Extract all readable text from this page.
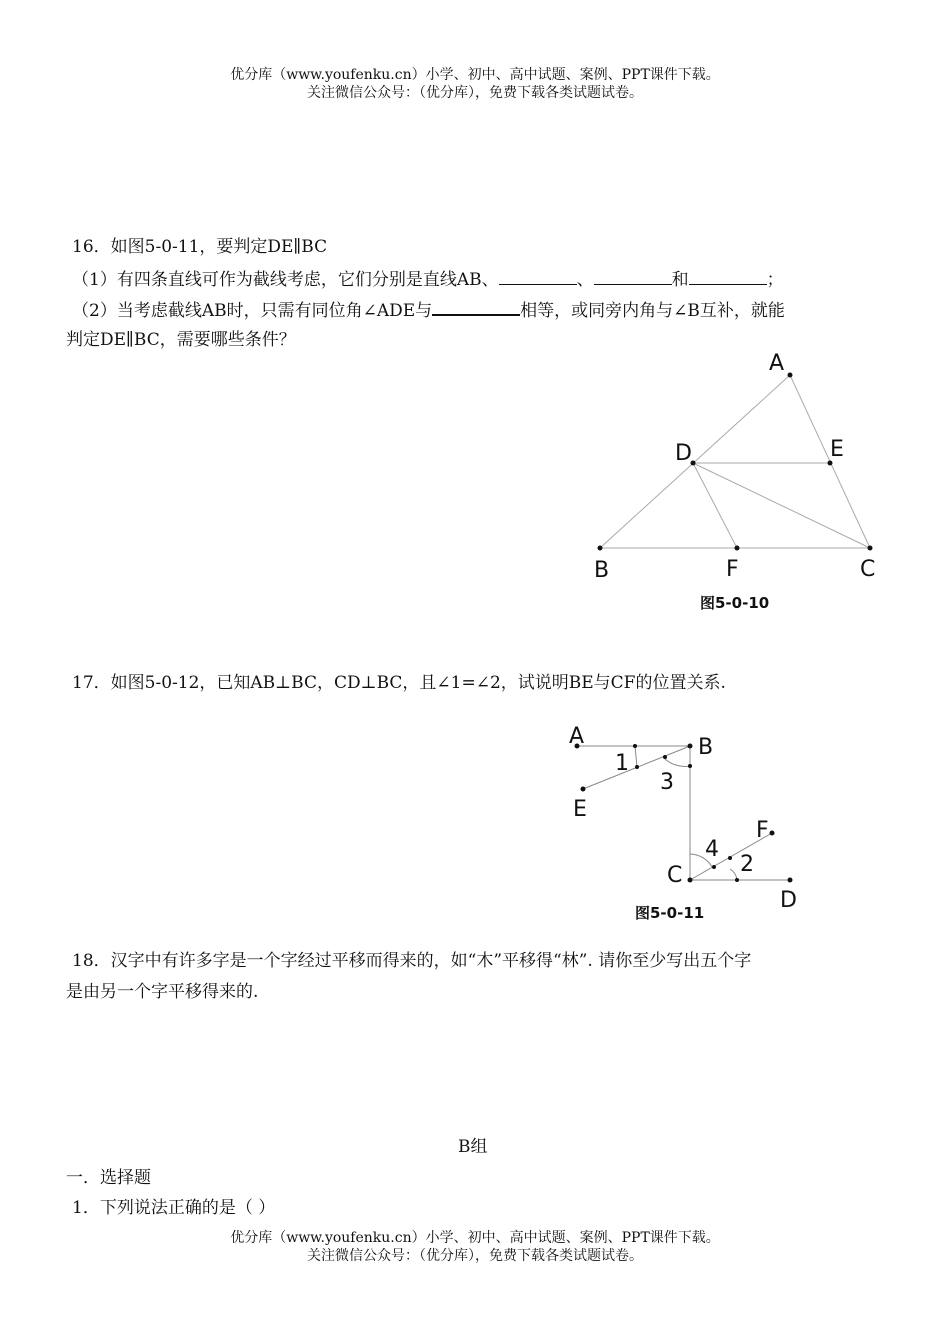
优分库（www.youfenku.cn）小学、初中、高中试题、案例、PPT课件下载。
关注微信公众号：（优分库），免费下载各类试题试卷。
16．如图5-0-11，要判定DE∥BC
（1）有四条直线可作为截线考虑，它们分别是直线AB、	、	和	；
（2）当考虑截线AB时，只需有同位角∠ADE与	相等，或同旁内角与∠B互补，就能
判定DE∥BC，需要哪些条件？
A
B	C
D	E
F
图5-0-10
17．如图5-0-12，已知AB⊥BC，CD⊥BC，且∠1=∠2，试说明BE与CF的位置关系.
A	B
C
D
E
F
1
2
3
4
图5-0-11
18．汉字中有许多字是一个字经过平移而得来的，如“木”平移得“林”. 请你至少写出五个字
是由另一个字平移得来的.
B组
一．选择题
1．下列说法正确的是（ ）
优分库（www.youfenku.cn）小学、初中、高中试题、案例、PPT课件下载。
关注微信公众号：（优分库），免费下载各类试题试卷。
